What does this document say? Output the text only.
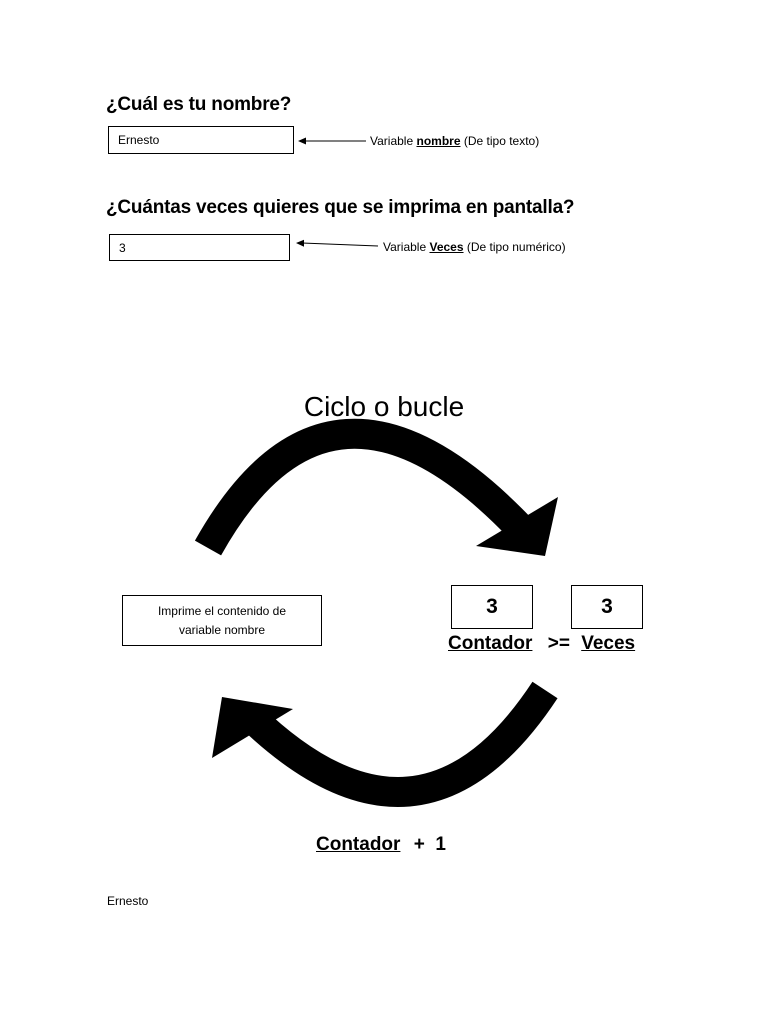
¿Cuál es tu nombre?
Ernesto
Variable nombre (De tipo texto)
¿Cuántas veces quieres que se imprima en pantalla?
3
Variable Veces (De tipo numérico)
Ciclo o bucle
Imprime el contenido de
variable nombre
3	3
Contador >= Veces
Contador +  1
Ernesto
